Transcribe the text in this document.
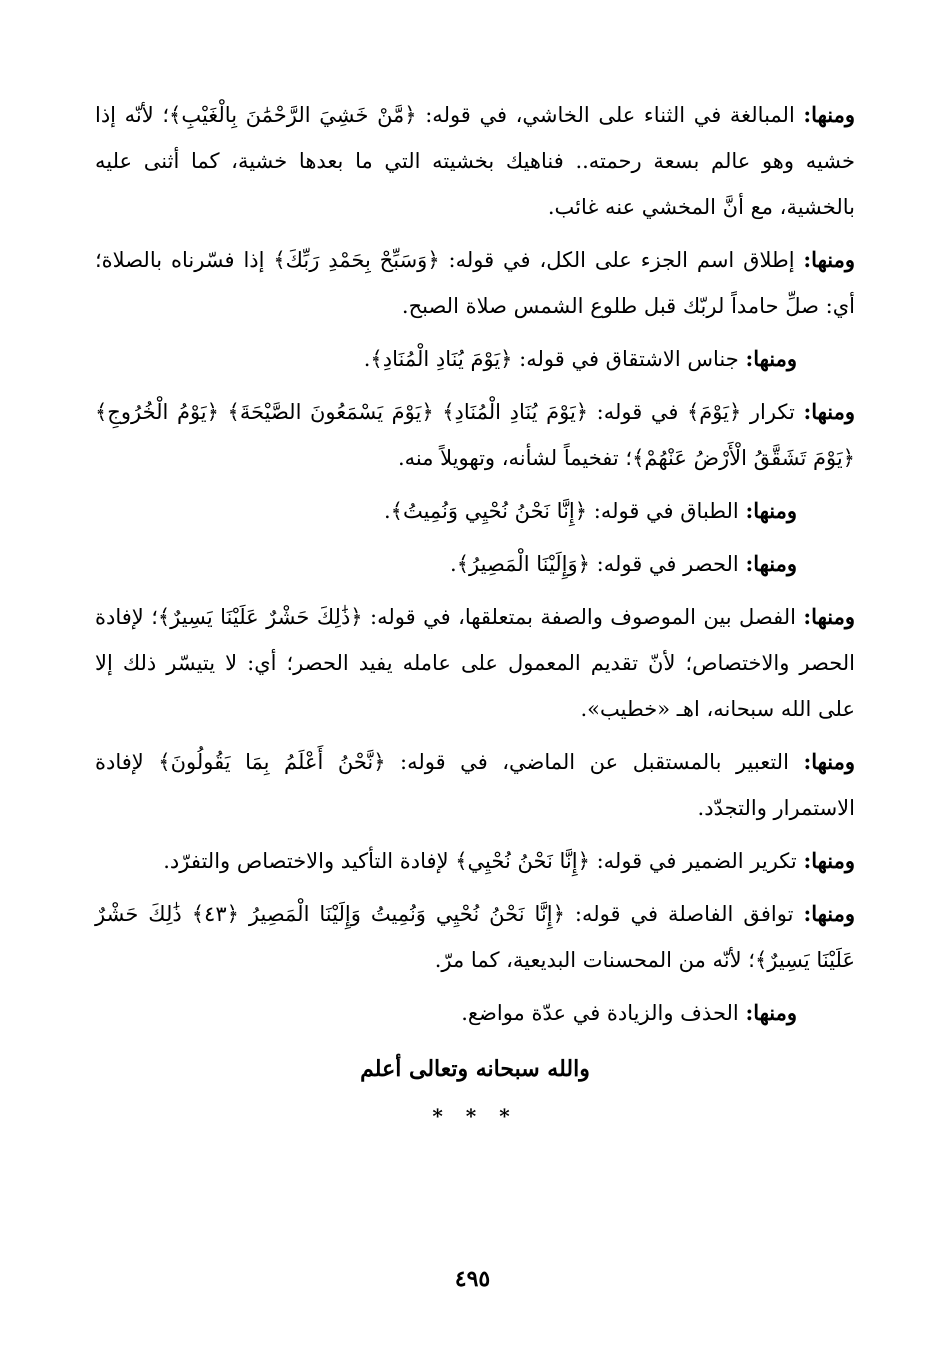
ومنها: المبالغة في الثناء على الخاشي، في قوله: ﴿مَّنْ خَشِيَ الرَّحْمَٰنَ بِالْغَيْبِ﴾؛ لأنّه إذا خشيه وهو عالم بسعة رحمته.. فناهيك بخشيته التي ما بعدها خشية، كما أثنى عليه بالخشية، مع أنَّ المخشي عنه غائب.

ومنها: إطلاق اسم الجزء على الكل، في قوله: ﴿وَسَبِّحْ بِحَمْدِ رَبِّكَ﴾ إذا فسّرناه بالصلاة؛ أي: صلِّ حامداً لربّك قبل طلوع الشمس صلاة الصبح.

ومنها: جناس الاشتقاق في قوله: ﴿يَوْمَ يُنَادِ الْمُنَادِ﴾.

ومنها: تكرار ﴿يَوْمَ﴾ في قوله: ﴿يَوْمَ يُنَادِ الْمُنَادِ﴾ ﴿يَوْمَ يَسْمَعُونَ الصَّيْحَةَ﴾ ﴿يَوْمُ الْخُرُوجِ﴾ ﴿يَوْمَ تَشَقَّقُ الْأَرْضُ عَنْهُمْ﴾؛ تفخيماً لشأنه، وتهويلاً منه.

ومنها: الطباق في قوله: ﴿إِنَّا نَحْنُ نُحْيِي وَنُمِيتُ﴾.

ومنها: الحصر في قوله: ﴿وَإِلَيْنَا الْمَصِيرُ﴾.

ومنها: الفصل بين الموصوف والصفة بمتعلقها، في قوله: ﴿ذَٰلِكَ حَشْرٌ عَلَيْنَا يَسِيرٌ﴾؛ لإفادة الحصر والاختصاص؛ لأنّ تقديم المعمول على عامله يفيد الحصر؛ أي: لا يتيسّر ذلك إلا على الله سبحانه، اهـ «خطيب».

ومنها: التعبير بالمستقبل عن الماضي، في قوله: ﴿نَّحْنُ أَعْلَمُ بِمَا يَقُولُونَ﴾ لإفادة الاستمرار والتجدّد.

ومنها: تكرير الضمير في قوله: ﴿إِنَّا نَحْنُ نُحْيِي﴾ لإفادة التأكيد والاختصاص والتفرّد.

ومنها: توافق الفاصلة في قوله: ﴿إِنَّا نَحْنُ نُحْيِي وَنُمِيتُ وَإِلَيْنَا الْمَصِيرُ ﴿٤٣﴾ ذَٰلِكَ حَشْرٌ عَلَيْنَا يَسِيرٌ﴾؛ لأنّه من المحسنات البديعية، كما مرّ.

ومنها: الحذف والزيادة في عدّة مواضع.

والله سبحانه وتعالى أعلم
* * *
٤٩٥
